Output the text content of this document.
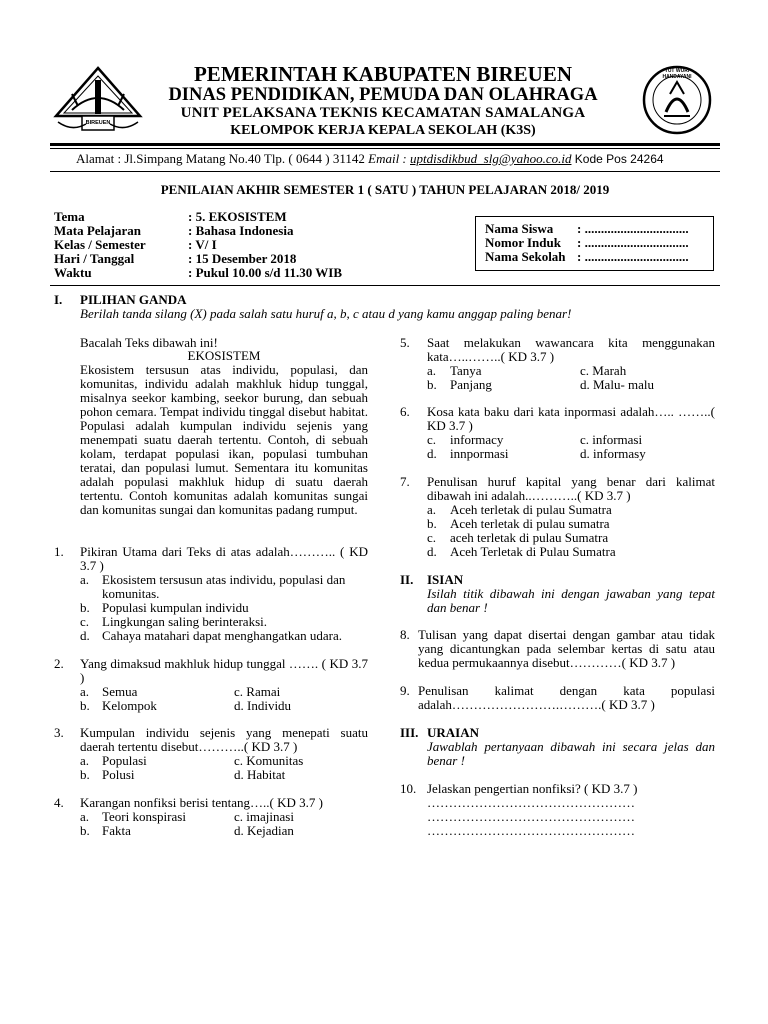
BIREUEN
TUT WURI HANDAYANI
PEMERINTAH KABUPATEN BIREUEN
DINAS PENDIDIKAN, PEMUDA DAN OLAHRAGA
UNIT PELAKSANA TEKNIS KECAMATAN SAMALANGA
KELOMPOK KERJA KEPALA SEKOLAH (K3S)
Alamat : Jl.Simpang Matang No.40 Tlp. ( 0644 ) 31142 Email : uptdisdikbud_slg@yahoo.co.id Kode Pos 24264
PENILAIAN AKHIR SEMESTER 1 ( SATU ) TAHUN PELAJARAN 2018/ 2019
Tema	: 5. EKOSISTEM
Mata Pelajaran	: Bahasa Indonesia
Kelas / Semester	: V/ I
Hari / Tanggal	: 15 Desember 2018
Waktu	: Pukul 10.00 s/d 11.30 WIB
Nama Siswa : ................................
Nomor Induk : ................................
Nama Sekolah : ................................
I. PILIHAN GANDA
Berilah tanda silang (X) pada salah satu huruf a, b, c atau d yang kamu anggap paling benar!
Bacalah Teks dibawah ini!
EKOSISTEM
Ekosistem tersusun atas individu, populasi, dan komunitas, individu adalah makhluk hidup tunggal, misalnya seekor kambing, seekor burung, dan sebuah pohon cemara. Tempat individu tinggal disebut habitat. Populasi adalah kumpulan individu sejenis yang menempati suatu daerah tertentu. Contoh, di sebuah kolam, terdapat populasi ikan, populasi tumbuhan teratai, dan populasi lumut. Sementara itu komunitas adalah populasi makhluk hidup di suatu daerah tertentu. Contoh komunitas adalah komunitas sungai dan komunitas sungai dan komunitas padang rumput.
1. Pikiran Utama dari Teks di atas adalah……….. ( KD 3.7 )
a. Ekosistem tersusun atas individu, populasi dan komunitas.
b. Populasi kumpulan individu
c. Lingkungan saling berinteraksi.
d. Cahaya matahari dapat menghangatkan udara.
2. Yang dimaksud makhluk hidup tunggal ……. ( KD 3.7 )
a. Semua	c. Ramai
b. Kelompok	d. Individu
3. Kumpulan individu sejenis yang menepati suatu daerah tertentu disebut………..( KD 3.7 )
a. Populasi	c. Komunitas
b. Polusi	d. Habitat
4. Karangan nonfiksi berisi tentang…..( KD 3.7 )
a. Teori konspirasi	c. imajinasi
b. Fakta	d. Kejadian
5. Saat melakukan wawancara kita menggunakan kata…..……..( KD 3.7 )
a. Tanya	c. Marah
b. Panjang	d. Malu- malu
6. Kosa kata baku dari kata inpormasi adalah….. ……..( KD 3.7 )
c. informacy	c. informasi
d. innpormasi	d. informasy
7. Penulisan huruf kapital yang benar dari kalimat dibawah ini adalah..………..( KD 3.7 )
a. Aceh terletak di pulau Sumatra
b. Aceh terletak di pulau sumatra
c. aceh terletak di pulau Sumatra
d. Aceh Terletak di Pulau Sumatra
II. ISIAN
Isilah titik dibawah ini dengan jawaban yang tepat dan benar !
8. Tulisan yang dapat disertai dengan gambar atau tidak yang dicantungkan pada selembar kertas di satu atau kedua permukaannya disebut…………( KD 3.7 )
9. Penulisan kalimat dengan kata populasi adalah…………………….……….( KD 3.7 )
III. URAIAN
Jawablah pertanyaan dibawah ini secara jelas dan benar !
10. Jelaskan pengertian nonfiksi? ( KD 3.7 )
…………………………………………
…………………………………………
…………………………………………
